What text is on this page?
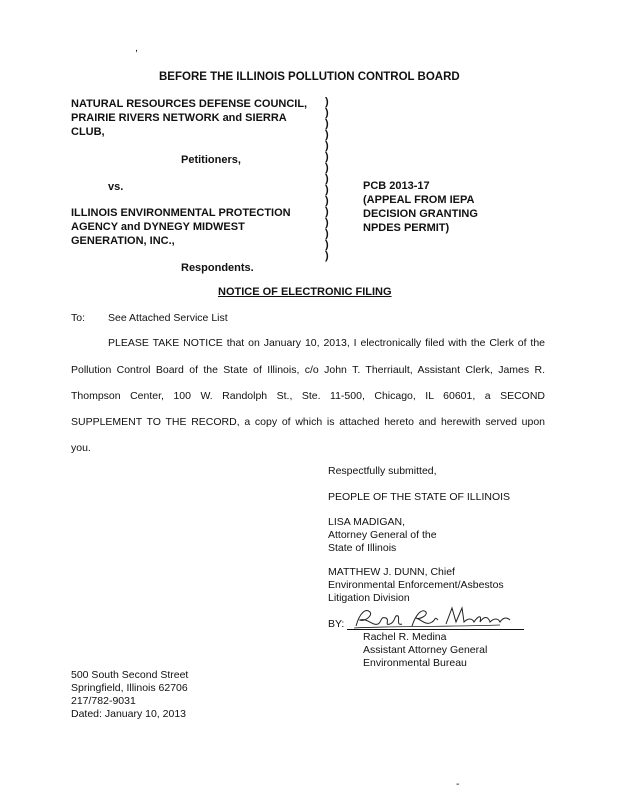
,
BEFORE THE ILLINOIS POLLUTION CONTROL BOARD
NATURAL RESOURCES DEFENSE COUNCIL,
PRAIRIE RIVERS NETWORK and SIERRA
CLUB,
Petitioners,
vs.
ILLINOIS ENVIRONMENTAL PROTECTION
AGENCY and DYNEGY MIDWEST
GENERATION, INC.,
Respondents.
)
)
)
)
)
)
)
)
)
)
)
)
)
)
)
PCB 2013-17
(APPEAL FROM IEPA
DECISION GRANTING
NPDES PERMIT)
NOTICE OF ELECTRONIC FILING
To: See Attached Service List
PLEASE TAKE NOTICE that on January 10, 2013, I electronically filed with the Clerk of the
Pollution Control Board of the State of Illinois, c/o John T. Therriault, Assistant Clerk, James R.
Thompson Center, 100 W. Randolph St., Ste. 11-500, Chicago, IL 60601, a SECOND
SUPPLEMENT TO THE RECORD, a copy of which is attached hereto and herewith served upon
you.
Respectfully submitted,
PEOPLE OF THE STATE OF ILLINOIS
LISA MADIGAN,
Attorney General of the
State of Illinois
MATTHEW J. DUNN, Chief
Environmental Enforcement/Asbestos
Litigation Division
BY:
Rachel R. Medina
Assistant Attorney General
Environmental Bureau
500 South Second Street
Springfield, Illinois 62706
217/782-9031
Dated: January 10, 2013
-
